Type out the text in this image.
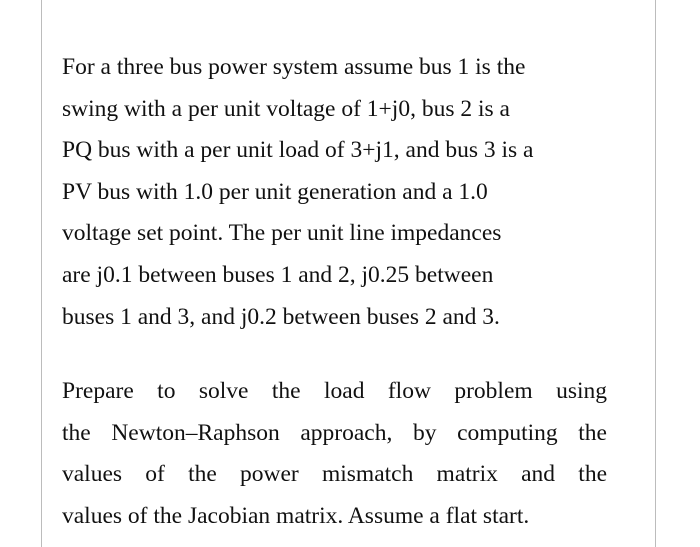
For a three bus power system assume bus 1 is the
swing with a per unit voltage of 1+j0, bus 2 is a
PQ bus with a per unit load of 3+j1, and bus 3 is a
PV bus with 1.0 per unit generation and a 1.0
voltage set point. The per unit line impedances
are j0.1 between buses 1 and 2, j0.25 between
buses 1 and 3, and j0.2 between buses 2 and 3.

Prepare to solve the load flow problem using
the Newton–Raphson approach, by computing the
values of the power mismatch matrix and the
values of the Jacobian matrix. Assume a flat start.
